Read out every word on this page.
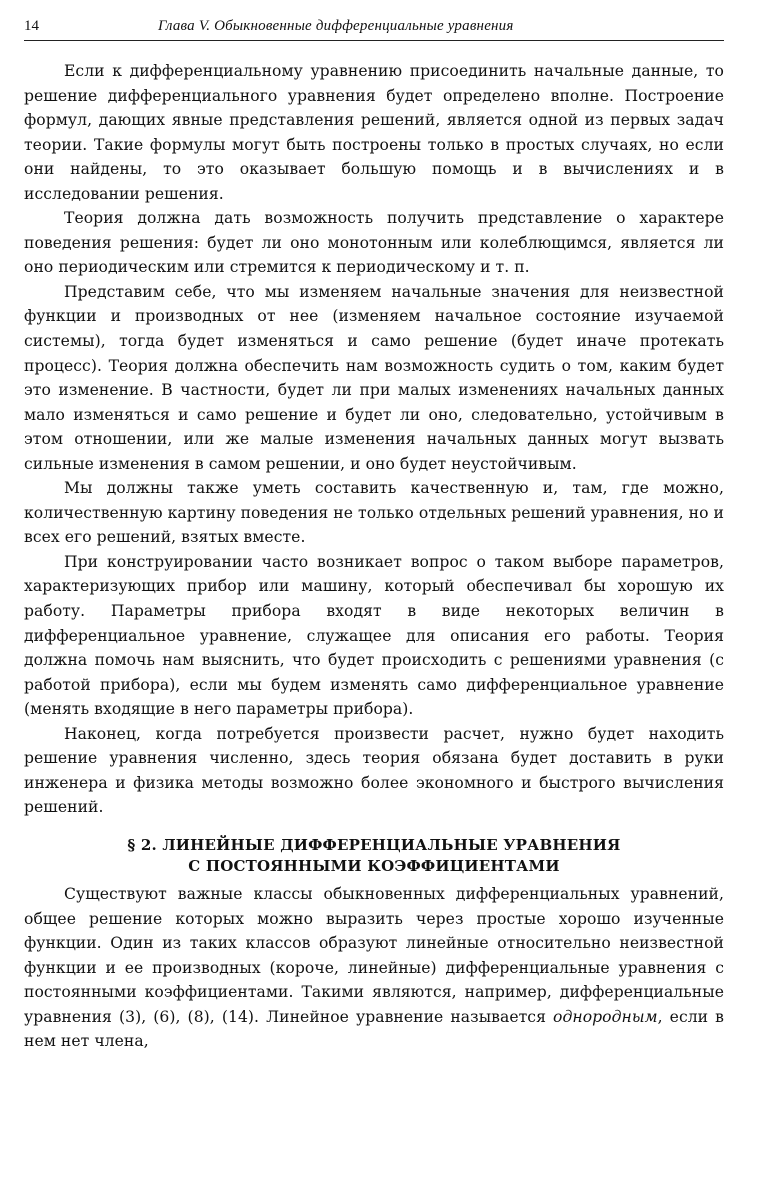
14	Глава V. Обыкновенные дифференциальные уравнения

Если к дифференциальному уравнению присоединить начальные данные, то решение дифференциального уравнения будет определено вполне. Построение формул, дающих явные представления решений, является одной из первых задач теории. Такие формулы могут быть построены только в простых случаях, но если они найдены, то это оказывает большую помощь и в вычислениях и в исследовании решения.

Теория должна дать возможность получить представление о характере поведения решения: будет ли оно монотонным или колеблющимся, является ли оно периодическим или стремится к периодическому и т. п.

Представим себе, что мы изменяем начальные значения для неизвестной функции и производных от нее (изменяем начальное состояние изучаемой системы), тогда будет изменяться и само решение (будет иначе протекать процесс). Теория должна обеспечить нам возможность судить о том, каким будет это изменение. В частности, будет ли при малых изменениях начальных данных мало изменяться и само решение и будет ли оно, следовательно, устойчивым в этом отношении, или же малые изменения начальных данных могут вызвать сильные изменения в самом решении, и оно будет неустойчивым.

Мы должны также уметь составить качественную и, там, где можно, количественную картину поведения не только отдельных решений уравнения, но и всех его решений, взятых вместе.

При конструировании часто возникает вопрос о таком выборе параметров, характеризующих прибор или машину, который обеспечивал бы хорошую их работу. Параметры прибора входят в виде некоторых величин в дифференциальное уравнение, служащее для описания его работы. Теория должна помочь нам выяснить, что будет происходить с решениями уравнения (с работой прибора), если мы будем изменять само дифференциальное уравнение (менять входящие в него параметры прибора).

Наконец, когда потребуется произвести расчет, нужно будет находить решение уравнения численно, здесь теория обязана будет доставить в руки инженера и физика методы возможно более экономного и быстрого вычисления решений.

§ 2. ЛИНЕЙНЫЕ ДИФФЕРЕНЦИАЛЬНЫЕ УРАВНЕНИЯ
С ПОСТОЯННЫМИ КОЭФФИЦИЕНТАМИ

Существуют важные классы обыкновенных дифференциальных уравнений, общее решение которых можно выразить через простые хорошо изученные функции. Один из таких классов образуют линейные относительно неизвестной функции и ее производных (короче, линейные) дифференциальные уравнения с постоянными коэффициентами. Такими являются, например, дифференциальные уравнения (3), (6), (8), (14). Линейное уравнение называется однородным, если в нем нет члена,
